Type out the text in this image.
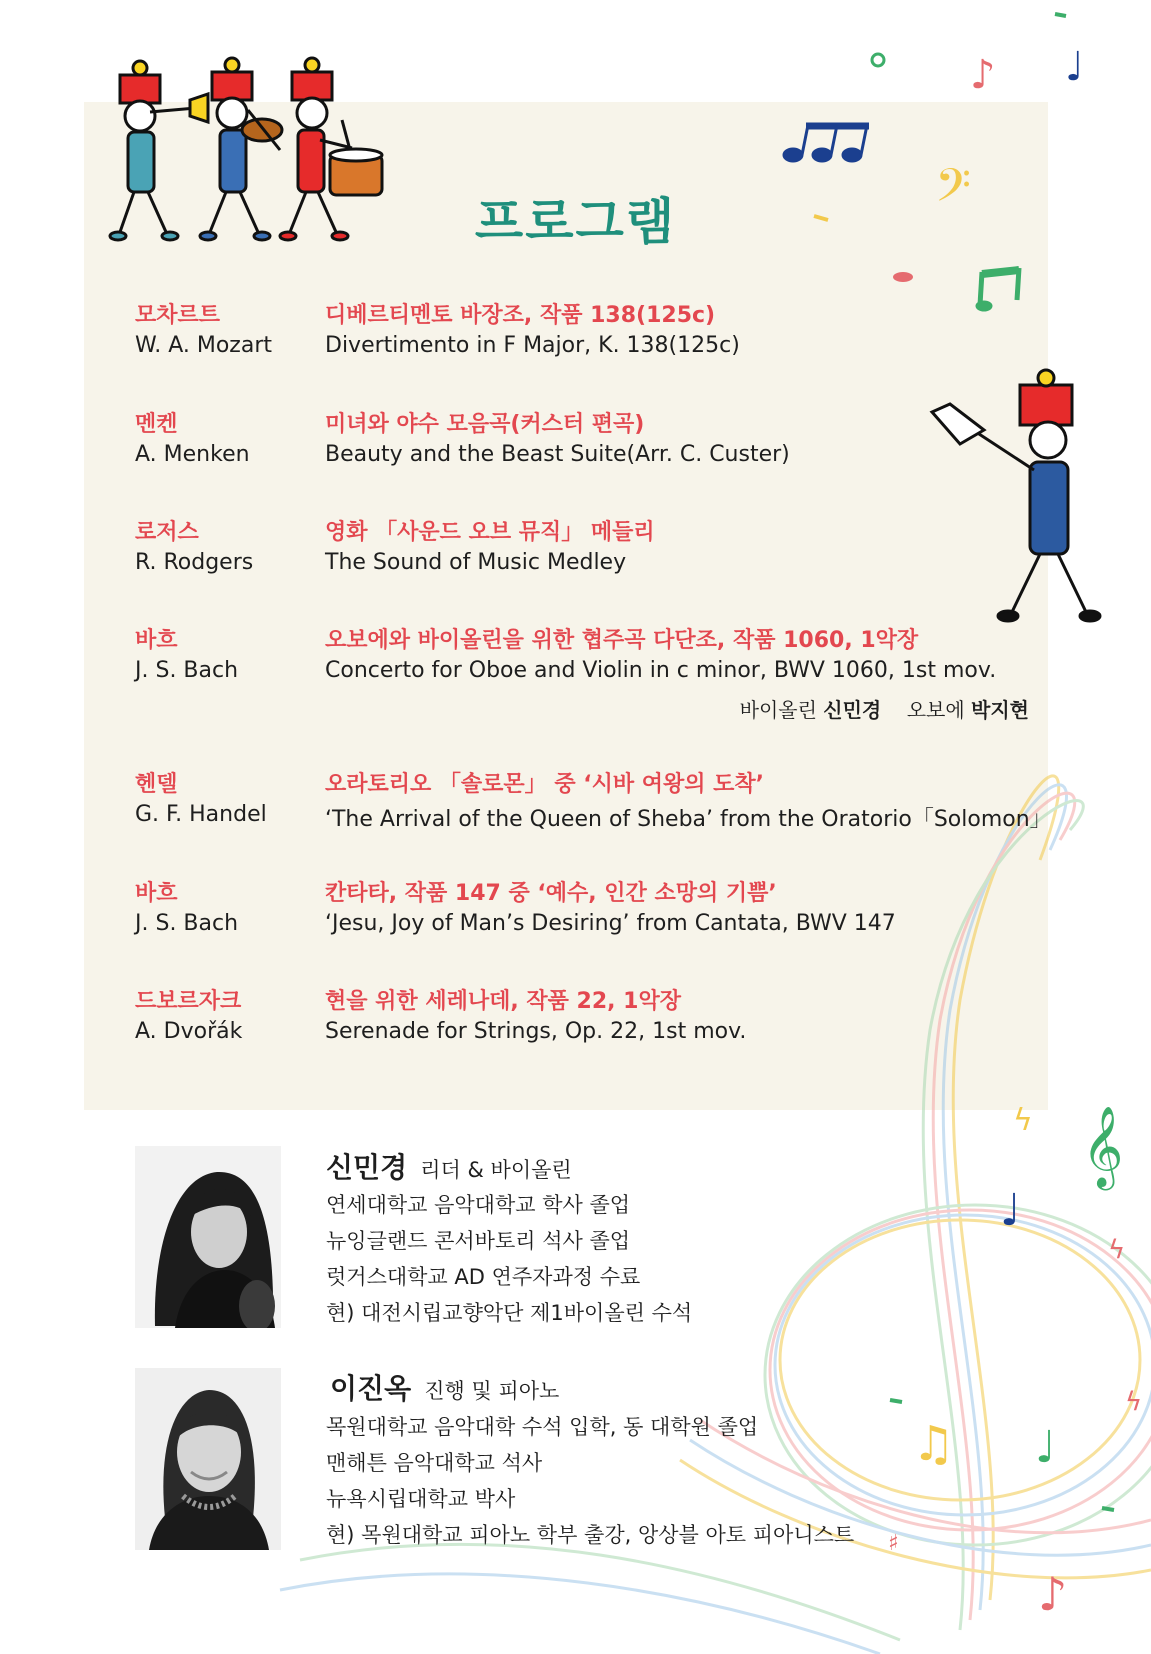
𝄢
♪ ♩
♩
♫ ♩
𝄞
♪
♯
ϟ
ϟ
ϟ
프로그램
모차르트
W. A. Mozart
디베르티멘토 바장조, 작품 138(125c)
Divertimento in F Major, K. 138(125c)
멘켄
A. Menken
미녀와 야수 모음곡(커스터 편곡)
Beauty and the Beast Suite(Arr. C. Custer)
로저스
R. Rodgers
영화 「사운드 오브 뮤직」 메들리
The Sound of Music Medley
바흐
J. S. Bach
오보에와 바이올린을 위한 협주곡 다단조, 작품 1060, 1악장
Concerto for Oboe and Violin in c minor, BWV 1060, 1st mov.
바이올린 신민경 오보에 박지현
헨델
G. F. Handel
오라토리오 「솔로몬」 중 ‘시바 여왕의 도착’
‘The Arrival of the Queen of Sheba’ from the Oratorio「Solomon」
바흐
J. S. Bach
칸타타, 작품 147 중 ‘예수, 인간 소망의 기쁨’
‘Jesu, Joy of Man’s Desiring’ from Cantata, BWV 147
드보르자크
A. Dvořák
현을 위한 세레나데, 작품 22, 1악장
Serenade for Strings, Op. 22, 1st mov.
신민경 리더 & 바이올린
연세대학교 음악대학교 학사 졸업
뉴잉글랜드 콘서바토리 석사 졸업
럿거스대학교 AD 연주자과정 수료
현) 대전시립교향악단 제1바이올린 수석
이진옥 진행 및 피아노
목원대학교 음악대학 수석 입학, 동 대학원 졸업
맨해튼 음악대학교 석사
뉴욕시립대학교 박사
현) 목원대학교 피아노 학부 출강, 앙상블 아토 피아니스트
